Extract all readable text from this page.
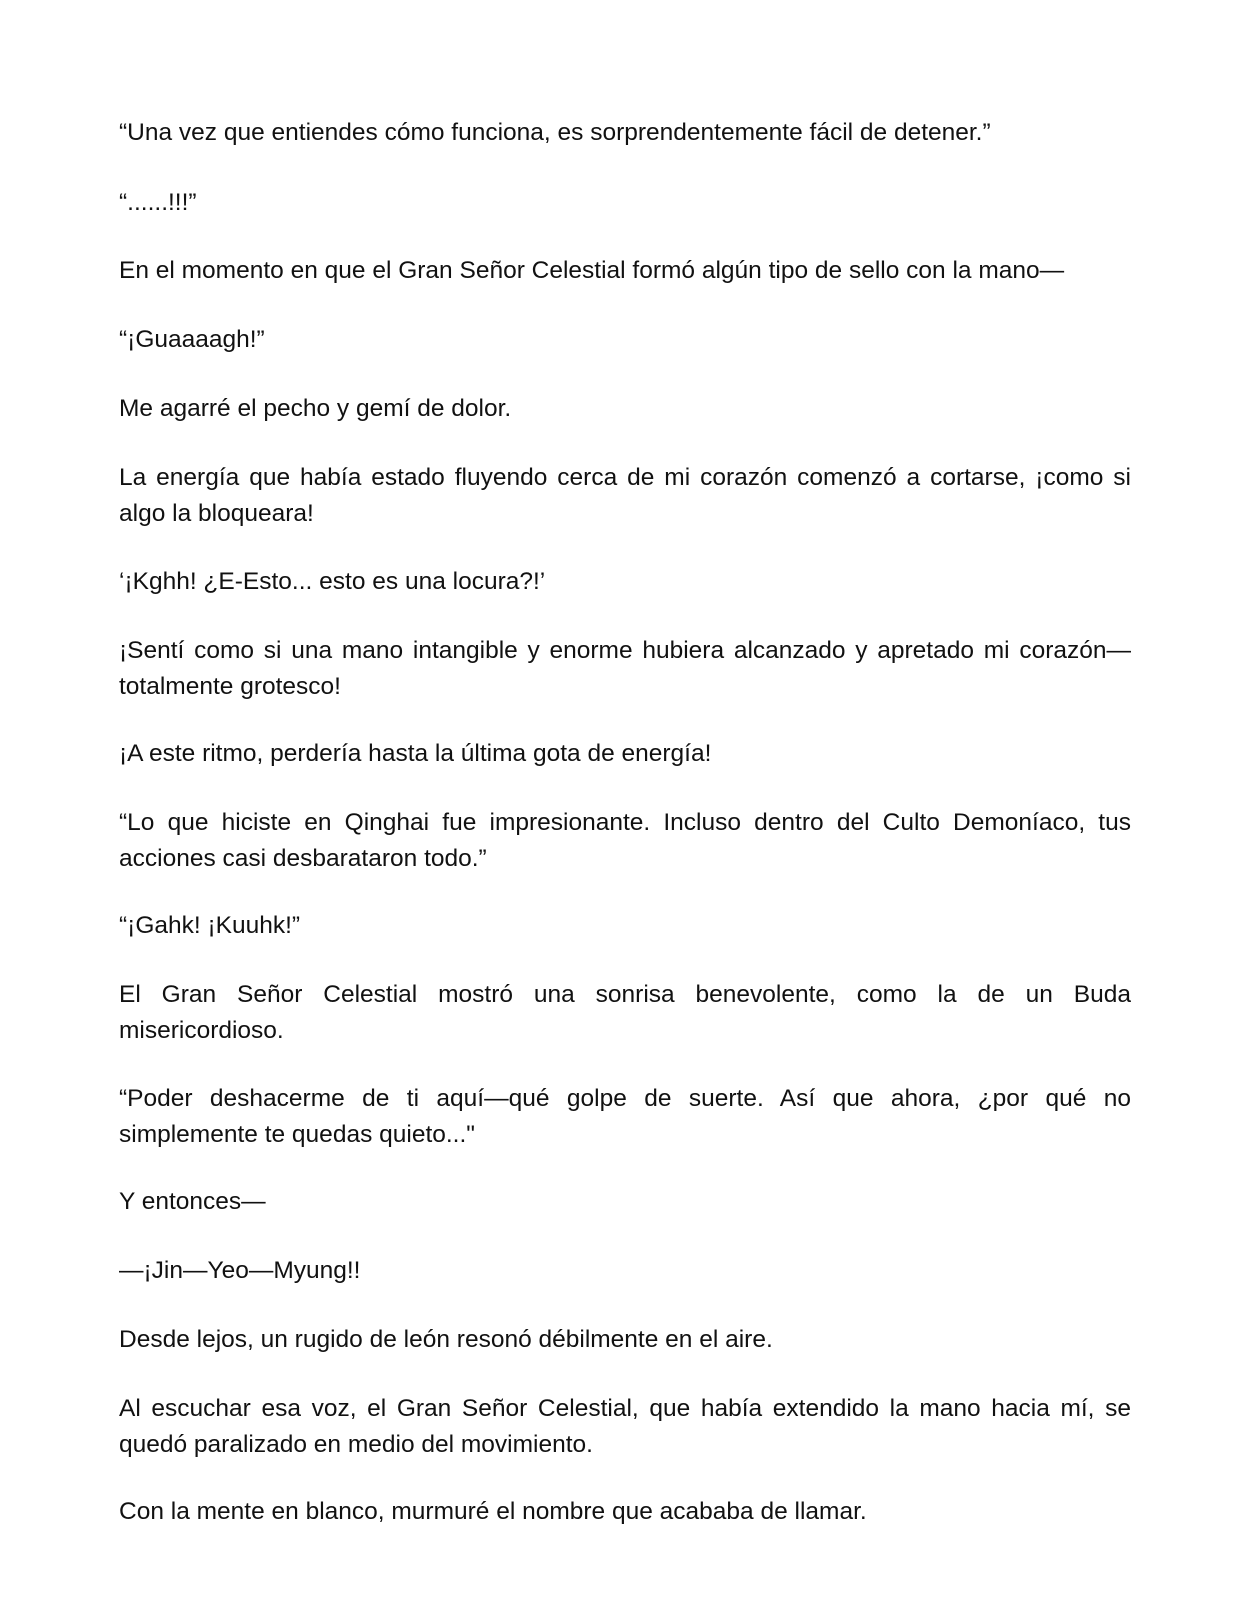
“Una vez que entiendes cómo funciona, es sorprendentemente fácil de detener.”

“......!!!”

En el momento en que el Gran Señor Celestial formó algún tipo de sello con la mano—

“¡Guaaaagh!”

Me agarré el pecho y gemí de dolor.

La energía que había estado fluyendo cerca de mi corazón comenzó a cortarse, ¡como si algo la bloqueara!

‘¡Kghh! ¿E-Esto... esto es una locura?!’

¡Sentí como si una mano intangible y enorme hubiera alcanzado y apretado mi corazón—totalmente grotesco!

¡A este ritmo, perdería hasta la última gota de energía!

“Lo que hiciste en Qinghai fue impresionante. Incluso dentro del Culto Demoníaco, tus acciones casi desbarataron todo.”

“¡Gahk! ¡Kuuhk!”

El Gran Señor Celestial mostró una sonrisa benevolente, como la de un Buda misericordioso.

“Poder deshacerme de ti aquí—qué golpe de suerte. Así que ahora, ¿por qué no simplemente te quedas quieto..."

Y entonces—

—¡Jin—Yeo—Myung!!

Desde lejos, un rugido de león resonó débilmente en el aire.

Al escuchar esa voz, el Gran Señor Celestial, que había extendido la mano hacia mí, se quedó paralizado en medio del movimiento.

Con la mente en blanco, murmuré el nombre que acababa de llamar.
